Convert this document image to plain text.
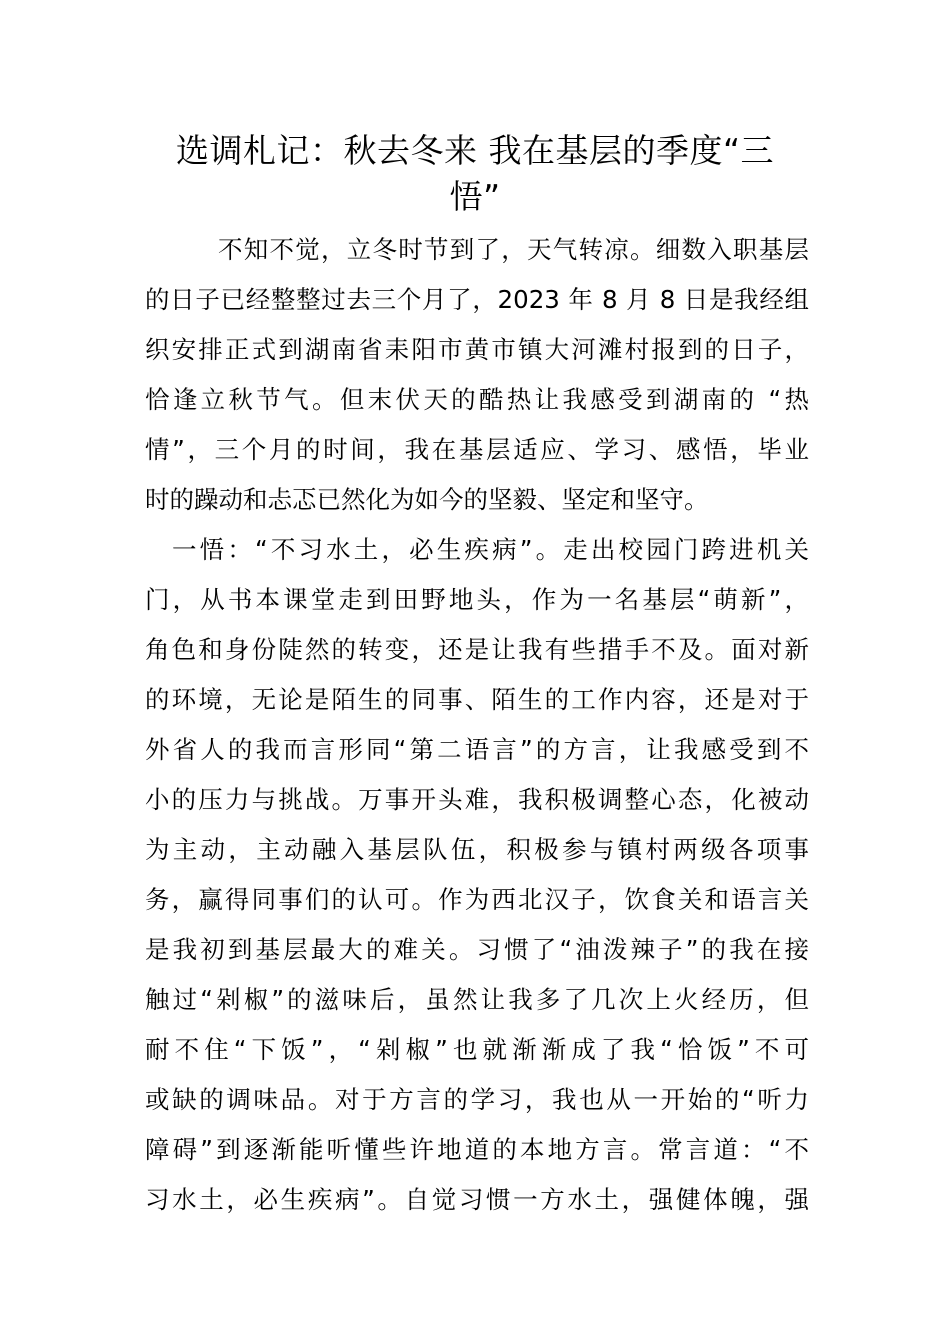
选调札记：秋去冬来 我在基层的季度“三
悟”

不知不觉，立冬时节到了，天气转凉。细数入职基层

的日子已经整整过去三个月了，2023 年 8 月 8 日是我经组

织安排正式到湖南省耒阳市黄市镇大河滩村报到的日子，

恰逢立秋节气。但末伏天的酷热让我感受到湖南的 “热

情”，三个月的时间，我在基层适应、学习、感悟，毕业

时的躁动和忐忑已然化为如今的坚毅、坚定和坚守。

一悟：“不习水土，必生疾病”。走出校园门跨进机关

门，从书本课堂走到田野地头，作为一名基层“萌新”，

角色和身份陡然的转变，还是让我有些措手不及。面对新

的环境，无论是陌生的同事、陌生的工作内容，还是对于

外省人的我而言形同“第二语言”的方言，让我感受到不

小的压力与挑战。万事开头难，我积极调整心态，化被动

为主动，主动融入基层队伍，积极参与镇村两级各项事

务，赢得同事们的认可。作为西北汉子，饮食关和语言关

是我初到基层最大的难关。习惯了“油泼辣子”的我在接

触过“剁椒”的滋味后，虽然让我多了几次上火经历，但

耐不住“下饭”，“剁椒”也就渐渐成了我“恰饭”不可

或缺的调味品。对于方言的学习，我也从一开始的“听力

障碍”到逐渐能听懂些许地道的本地方言。常言道：“不

习水土，必生疾病”。自觉习惯一方水土，强健体魄，强
